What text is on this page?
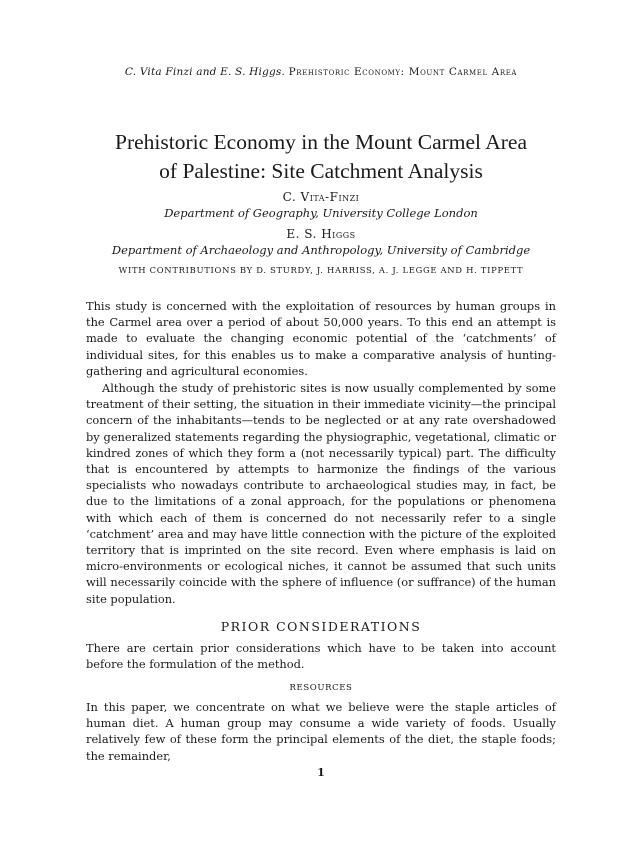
C. Vita Finzi and E. S. Higgs. Prehistoric Economy: Mount Carmel Area
Prehistoric Economy in the Mount Carmel Area
of Palestine: Site Catchment Analysis
C. Vita-Finzi
Department of Geography, University College London
E. S. Higgs
Department of Archaeology and Anthropology, University of Cambridge
WITH CONTRIBUTIONS BY D. STURDY, J. HARRISS, A. J. LEGGE AND H. TIPPETT

This study is concerned with the exploitation of resources by human groups in the Carmel area over a period of about 50,000 years. To this end an attempt is made to evaluate the changing economic potential of the ‘catchments’ of individual sites, for this enables us to make a comparative analysis of hunting-gathering and agricultural economies.

Although the study of prehistoric sites is now usually complemented by some treatment of their setting, the situation in their immediate vicinity—the principal concern of the inhabitants—tends to be neglected or at any rate overshadowed by generalized statements regarding the physiographic, vegetational, climatic or kindred zones of which they form a (not necessarily typical) part. The difficulty that is encountered by attempts to harmonize the findings of the various specialists who nowadays contribute to archaeological studies may, in fact, be due to the limitations of a zonal approach, for the populations or phenomena with which each of them is concerned do not necessarily refer to a single ‘catchment’ area and may have little connection with the picture of the exploited territory that is imprinted on the site record. Even where emphasis is laid on micro-environments or ecological niches, it cannot be assumed that such units will necessarily coincide with the sphere of influence (or suffrance) of the human site population.

PRIOR CONSIDERATIONS

There are certain prior considerations which have to be taken into account before the formulation of the method.

RESOURCES

In this paper, we concentrate on what we believe were the staple articles of human diet. A human group may consume a wide variety of foods. Usually relatively few of these form the principal elements of the diet, the staple foods; the remainder,

1
